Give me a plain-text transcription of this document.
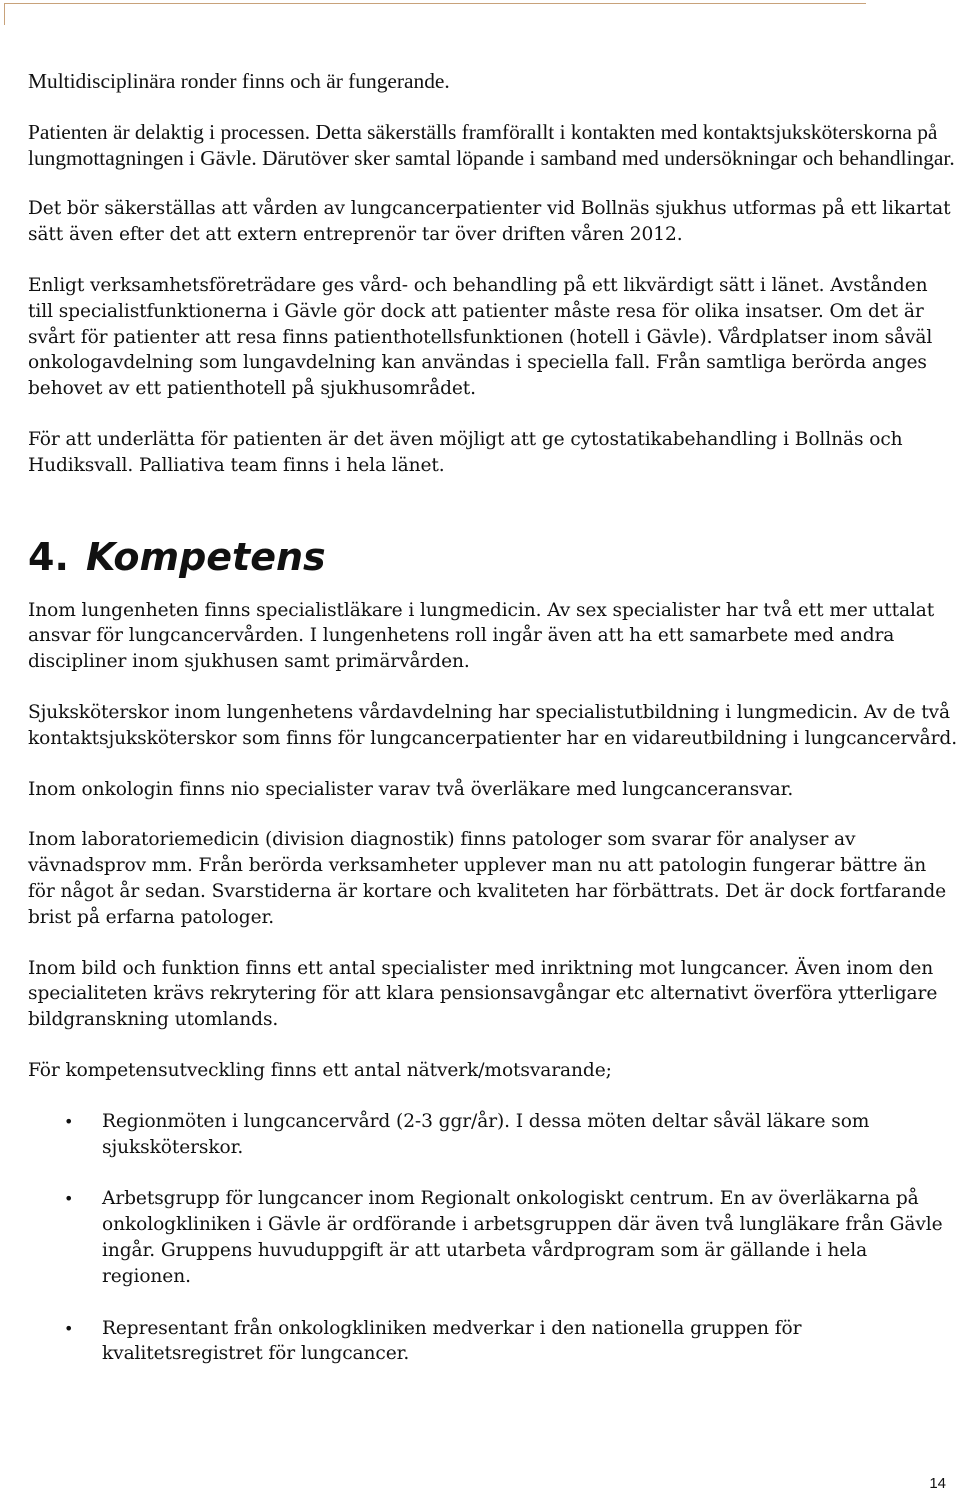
Multidisciplinära ronder finns och är fungerande.

Patienten är delaktig i processen. Detta säkerställs framförallt i kontakten med kontaktsjuksköterskorna på lungmottagningen i Gävle. Därutöver sker samtal löpande i samband med undersökningar och behandlingar.

Det bör säkerställas att vården av lungcancerpatienter vid Bollnäs sjukhus utformas på ett likartat sätt även efter det att extern entreprenör tar över driften våren 2012.

Enligt verksamhetsföreträdare ges vård- och behandling på ett likvärdigt sätt i länet. Avstånden till specialistfunktionerna i Gävle gör dock att patienter måste resa för olika insatser. Om det är svårt för patienter att resa finns patienthotellsfunktionen (hotell i Gävle). Vårdplatser inom såväl onkologavdelning som lungavdelning kan användas i speciella fall. Från samtliga berörda anges behovet av ett patienthotell på sjukhusområdet.

För att underlätta för patienten är det även möjligt att ge cytostatikabehandling i Bollnäs och Hudiksvall. Palliativa team finns i hela länet.

4. Kompetens

Inom lungenheten finns specialistläkare i lungmedicin. Av sex specialister har två ett mer uttalat ansvar för lungcancervården. I lungenhetens roll ingår även att ha ett samarbete med andra discipliner inom sjukhusen samt primärvården.

Sjuksköterskor inom lungenhetens vårdavdelning har specialistutbildning i lungmedicin. Av de två kontaktsjuksköterskor som finns för lungcancerpatienter har en vidareutbildning i lungcancervård.

Inom onkologin finns nio specialister varav två överläkare med lungcanceransvar.

Inom laboratoriemedicin (division diagnostik) finns patologer som svarar för analyser av vävnadsprov mm. Från berörda verksamheter upplever man nu att patologin fungerar bättre än för något år sedan. Svarstiderna är kortare och kvaliteten har förbättrats. Det är dock fortfarande brist på erfarna patologer.

Inom bild och funktion finns ett antal specialister med inriktning mot lungcancer. Även inom den specialiteten krävs rekrytering för att klara pensionsavgångar etc alternativt överföra ytterligare bildgranskning utomlands.

För kompetensutveckling finns ett antal nätverk/motsvarande;

• Regionmöten i lungcancervård (2-3 ggr/år). I dessa möten deltar såväl läkare som sjuksköterskor.
• Arbetsgrupp för lungcancer inom Regionalt onkologiskt centrum. En av överläkarna på onkologkliniken i Gävle är ordförande i arbetsgruppen där även två lungläkare från Gävle ingår. Gruppens huvuduppgift är att utarbeta vårdprogram som är gällande i hela regionen.
• Representant från onkologkliniken medverkar i den nationella gruppen för kvalitetsregistret för lungcancer.
14
